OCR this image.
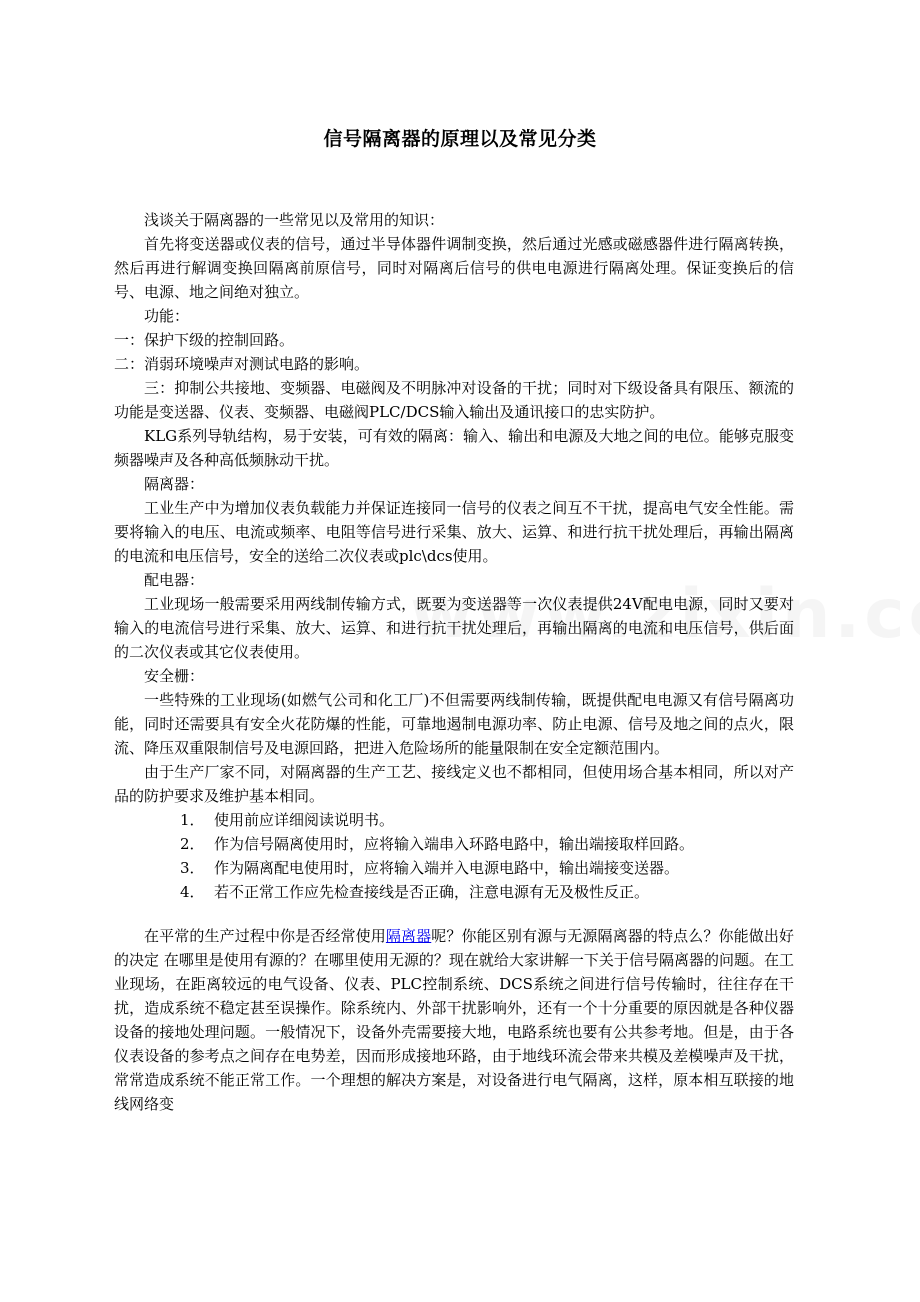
信号隔离器的原理以及常见分类

浅谈关于隔离器的一些常见以及常用的知识：

首先将变送器或仪表的信号，通过半导体器件调制变换，然后通过光感或磁感器件进行隔离转换，然后再进行解调变换回隔离前原信号，同时对隔离后信号的供电电源进行隔离处理。保证变换后的信号、电源、地之间绝对独立。

功能：

一：保护下级的控制回路。

二：消弱环境噪声对测试电路的影响。

三：抑制公共接地、变频器、电磁阀及不明脉冲对设备的干扰；同时对下级设备具有限压、额流的功能是变送器、仪表、变频器、电磁阀PLC/DCS输入输出及通讯接口的忠实防护。

KLG系列导轨结构，易于安装，可有效的隔离：输入、输出和电源及大地之间的电位。能够克服变频器噪声及各种高低频脉动干扰。

隔离器：

工业生产中为增加仪表负载能力并保证连接同一信号的仪表之间互不干扰，提高电气安全性能。需要将输入的电压、电流或频率、电阻等信号进行采集、放大、运算、和进行抗干扰处理后，再输出隔离的电流和电压信号，安全的送给二次仪表或plc\dcs使用。

配电器：

工业现场一般需要采用两线制传输方式，既要为变送器等一次仪表提供24V配电电源，同时又要对输入的电流信号进行采集、放大、运算、和进行抗干扰处理后，再输出隔离的电流和电压信号，供后面的二次仪表或其它仪表使用。

安全栅：

一些特殊的工业现场(如燃气公司和化工厂)不但需要两线制传输，既提供配电电源又有信号隔离功能，同时还需要具有安全火花防爆的性能，可靠地遏制电源功率、防止电源、信号及地之间的点火，限流、降压双重限制信号及电源回路，把进入危险场所的能量限制在安全定额范围内。

由于生产厂家不同，对隔离器的生产工艺、接线定义也不都相同，但使用场合基本相同，所以对产品的防护要求及维护基本相同。

1． 使用前应详细阅读说明书。
2． 作为信号隔离使用时，应将输入端串入环路电路中，输出端接取样回路。
3． 作为隔离配电使用时，应将输入端并入电源电路中，输出端接变送器。
4． 若不正常工作应先检查接线是否正确，注意电源有无及极性反正。

在平常的生产过程中你是否经常使用隔离器呢？你能区别有源与无源隔离器的特点么？你能做出好的决定 在哪里是使用有源的？在哪里使用无源的？现在就给大家讲解一下关于信号隔离器的问题。在工业现场，在距离较远的电气设备、仪表、PLC控制系统、DCS系统之间进行信号传输时，往往存在干扰，造成系统不稳定甚至误操作。除系统内、外部干扰影响外，还有一个十分重要的原因就是各种仪器设备的接地处理问题。一般情况下，设备外壳需要接大地，电路系统也要有公共参考地。但是，由于各仪表设备的参考点之间存在电势差，因而形成接地环路，由于地线环流会带来共模及差模噪声及干扰，常常造成系统不能正常工作。一个理想的解决方案是，对设备进行电气隔离，这样，原本相互联接的地线网络变
